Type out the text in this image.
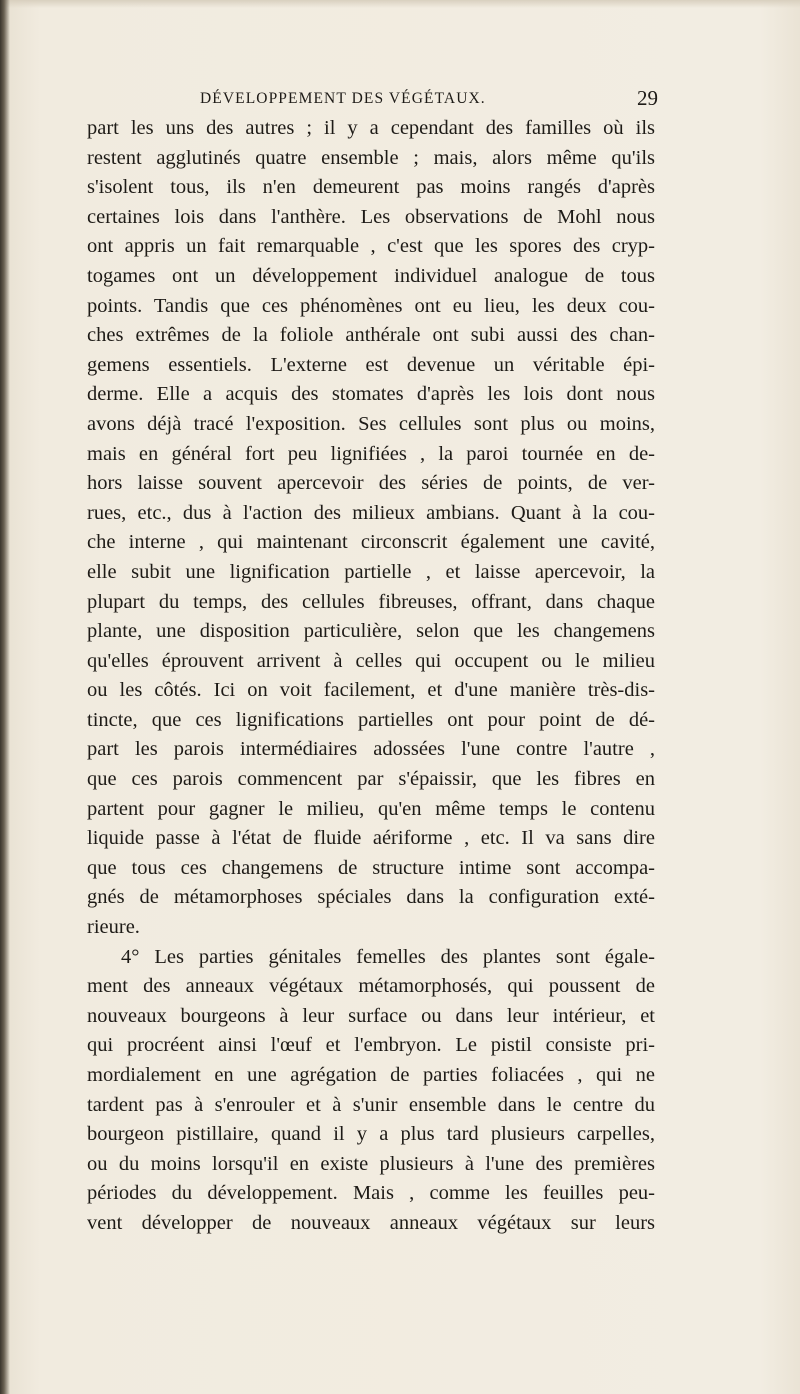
DÉVELOPPEMENT DES VÉGÉTAUX.	29
part les uns des autres ; il y a cependant des familles où ils
restent agglutinés quatre ensemble ; mais, alors même qu'ils
s'isolent tous, ils n'en demeurent pas moins rangés d'après
certaines lois dans l'anthère. Les observations de Mohl nous
ont appris un fait remarquable , c'est que les spores des cryp-
togames ont un développement individuel analogue de tous
points. Tandis que ces phénomènes ont eu lieu, les deux cou-
ches extrêmes de la foliole anthérale ont subi aussi des chan-
gemens essentiels. L'externe est devenue un véritable épi-
derme. Elle a acquis des stomates d'après les lois dont nous
avons déjà tracé l'exposition. Ses cellules sont plus ou moins,
mais en général fort peu lignifiées , la paroi tournée en de-
hors laisse souvent apercevoir des séries de points, de ver-
rues, etc., dus à l'action des milieux ambians. Quant à la cou-
che interne , qui maintenant circonscrit également une cavité,
elle subit une lignification partielle , et laisse apercevoir, la
plupart du temps, des cellules fibreuses, offrant, dans chaque
plante, une disposition particulière, selon que les changemens
qu'elles éprouvent arrivent à celles qui occupent ou le milieu
ou les côtés. Ici on voit facilement, et d'une manière très-dis-
tincte, que ces lignifications partielles ont pour point de dé-
part les parois intermédiaires adossées l'une contre l'autre ,
que ces parois commencent par s'épaissir, que les fibres en
partent pour gagner le milieu, qu'en même temps le contenu
liquide passe à l'état de fluide aériforme , etc. Il va sans dire
que tous ces changemens de structure intime sont accompa-
gnés de métamorphoses spéciales dans la configuration exté-
rieure.
4° Les parties génitales femelles des plantes sont égale-
ment des anneaux végétaux métamorphosés, qui poussent de
nouveaux bourgeons à leur surface ou dans leur intérieur, et
qui procréent ainsi l'œuf et l'embryon. Le pistil consiste pri-
mordialement en une agrégation de parties foliacées , qui ne
tardent pas à s'enrouler et à s'unir ensemble dans le centre du
bourgeon pistillaire, quand il y a plus tard plusieurs carpelles,
ou du moins lorsqu'il en existe plusieurs à l'une des premières
périodes du développement. Mais , comme les feuilles peu-
vent développer de nouveaux anneaux végétaux sur leurs
